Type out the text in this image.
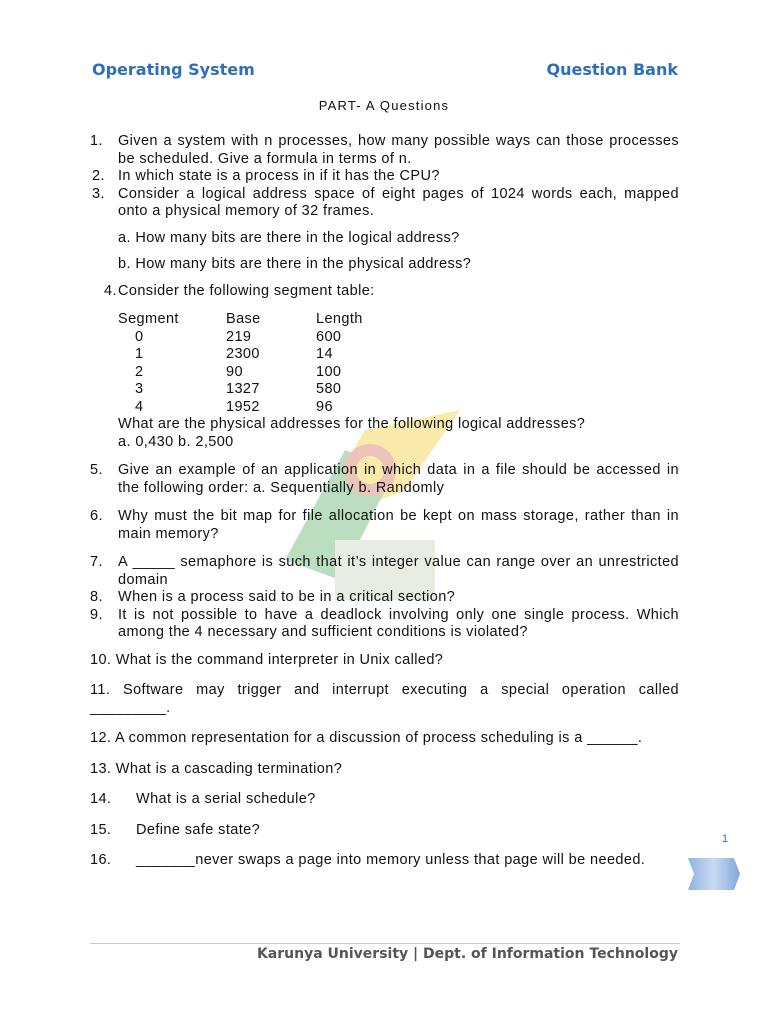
Operating System	Question Bank
PART- A Questions
1. Given a system with n processes, how many possible ways can those processes be scheduled. Give a formula in terms of n.
2. In which state is a process in if it has the CPU?
3. Consider a logical address space of eight pages of 1024 words each, mapped onto a physical memory of 32 frames.
a. How many bits are there in the logical address?
b. How many bits are there in the physical address?
4. Consider the following segment table:
Segment	Base	Length
0	219	600
1	2300	14
2	90	100
3	1327	580
4	1952	96
What are the physical addresses for the following logical addresses?
a. 0,430 b. 2,500
5. Give an example of an application in which data in a file should be accessed in the following order: a. Sequentially b. Randomly
6. Why must the bit map for file allocation be kept on mass storage, rather than in main memory?
7. A _____ semaphore is such that it’s integer value can range over an unrestricted domain
8. When is a process said to be in a critical section?
9. It is not possible to have a deadlock involving only one single process. Which among the 4 necessary and sufficient conditions is violated?
10. What is the command interpreter in Unix called?
11. Software may trigger and interrupt executing a special operation called _________.
12. A common representation for a discussion of process scheduling is a ______.
13. What is a cascading termination?
14. What is a serial schedule?
15. Define safe state?
16. _______never swaps a page into memory unless that page will be needed.
1
Karunya University | Dept. of Information Technology
